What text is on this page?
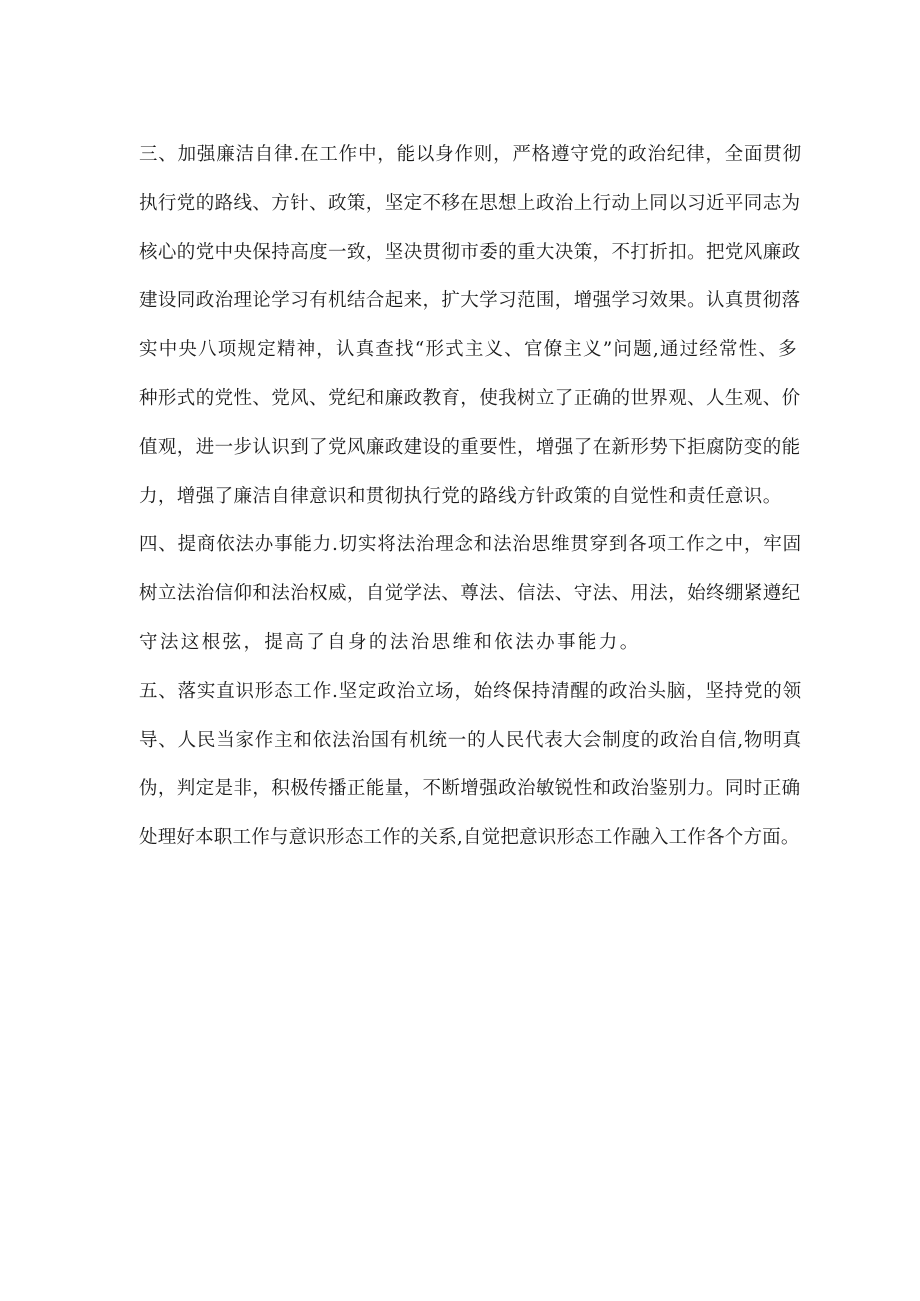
三、加强廉洁自律.在工作中，能以身作则，严格遵守党的政治纪律，全面贯彻
执行党的路线、方针、政策，坚定不移在思想上政治上行动上同以习近平同志为
核心的党中央保持高度一致，坚决贯彻市委的重大决策，不打折扣。把党风廉政
建设同政治理论学习有机结合起来，扩大学习范围，增强学习效果。认真贯彻落
实中央八项规定精神，认真查找“形式主义、官僚主义”问题,通过经常性、多
种形式的党性、党风、党纪和廉政教育，使我树立了正确的世界观、人生观、价
值观，进一步认识到了党风廉政建设的重要性，增强了在新形势下拒腐防变的能
力，增强了廉洁自律意识和贯彻执行党的路线方针政策的自觉性和责任意识。
四、提商依法办事能力.切实将法治理念和法治思维贯穿到各项工作之中，牢固
树立法治信仰和法治权威，自觉学法、尊法、信法、守法、用法，始终绷紧遵纪
守法这根弦，提高了自身的法治思维和依法办事能力。
五、落实直识形态工作.坚定政治立场，始终保持清醒的政治头脑，坚持党的领
导、人民当家作主和依法治国有机统一的人民代表大会制度的政治自信,物明真
伪，判定是非，积极传播正能量，不断增强政治敏锐性和政治鉴别力。同时正确
处理好本职工作与意识形态工作的关系,自觉把意识形态工作融入工作各个方面。
